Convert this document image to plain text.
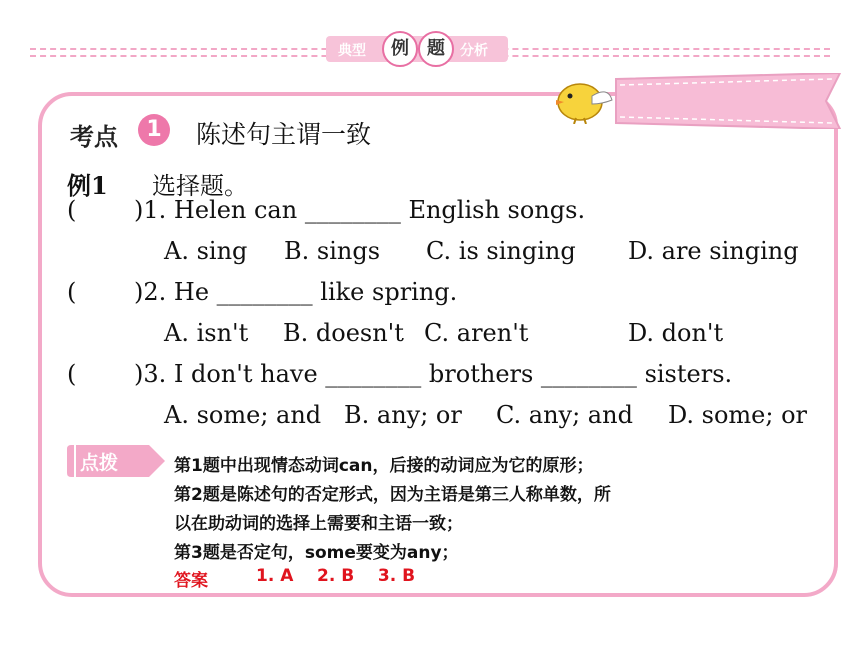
典型	例	题	分析
考点	1	陈述句主谓一致
例1 选择题。
( )1. Helen can ________ English songs.
A. sing B. sings C. is singing D. are singing
( )2. He ________ like spring.
A. isn't B. doesn't C. aren't	D. don't
( )3. I don't have ________ brothers ________ sisters.
A. some; and B. any; or C. any; and D. some; or
点拨	第1题中出现情态动词can，后接的动词应为它的原形；
第2题是陈述句的否定形式，因为主语是第三人称单数，所
以在助动词的选择上需要和主语一致；
第3题是否定句，some要变为any；
答案	1. A    2. B    3. B
